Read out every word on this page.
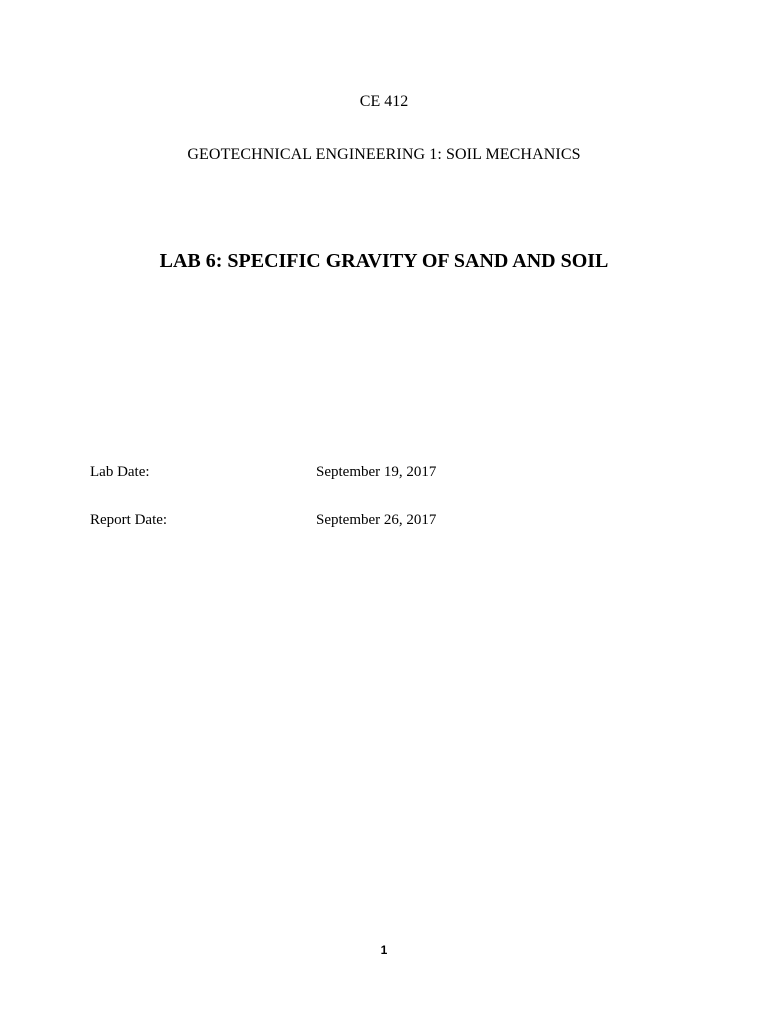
CE 412
GEOTECHNICAL ENGINEERING 1: SOIL MECHANICS
LAB 6: SPECIFIC GRAVITY OF SAND AND SOIL
Lab Date:	September 19, 2017
Report Date:	September 26, 2017
1
